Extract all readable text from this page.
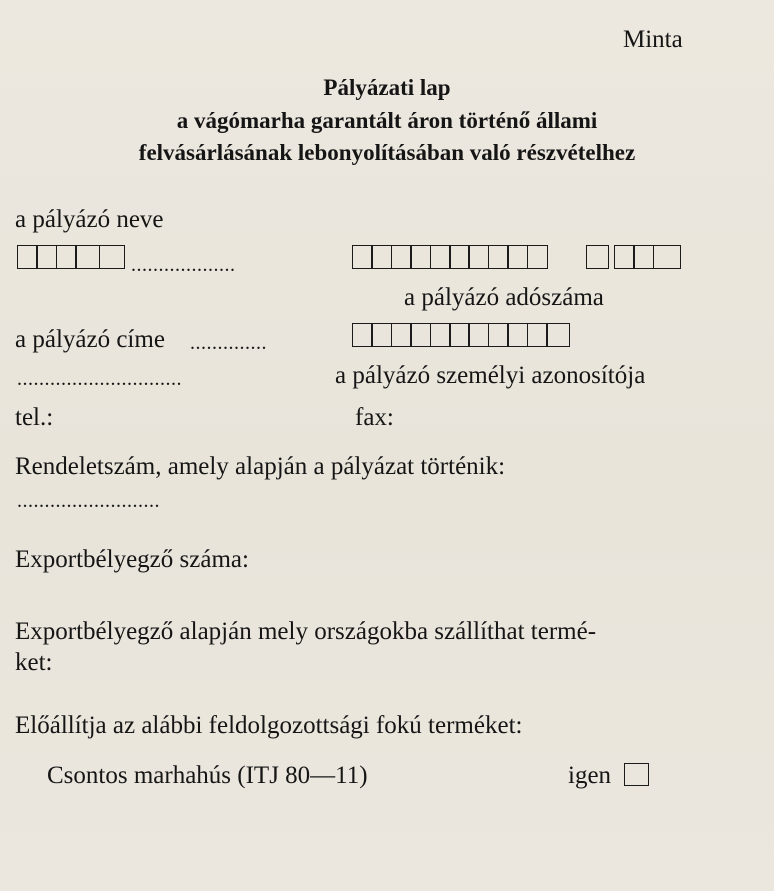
Minta
Pályázati lap
a vágómarha garantált áron történő állami
felvásárlásának lebonyolításában való részvételhez
a pályázó neve
...................
a pályázó adószáma
a pályázó címe ..............
..............................	a pályázó személyi azonosítója
tel.:	fax:
Rendeletszám, amely alapján a pályázat történik:
..........................
Exportbélyegző száma:
Exportbélyegző alapján mely országokba szállíthat termé-
ket:
Előállítja az alábbi feldolgozottsági fokú terméket:
Csontos marhahús (ITJ 80—11)	igen
